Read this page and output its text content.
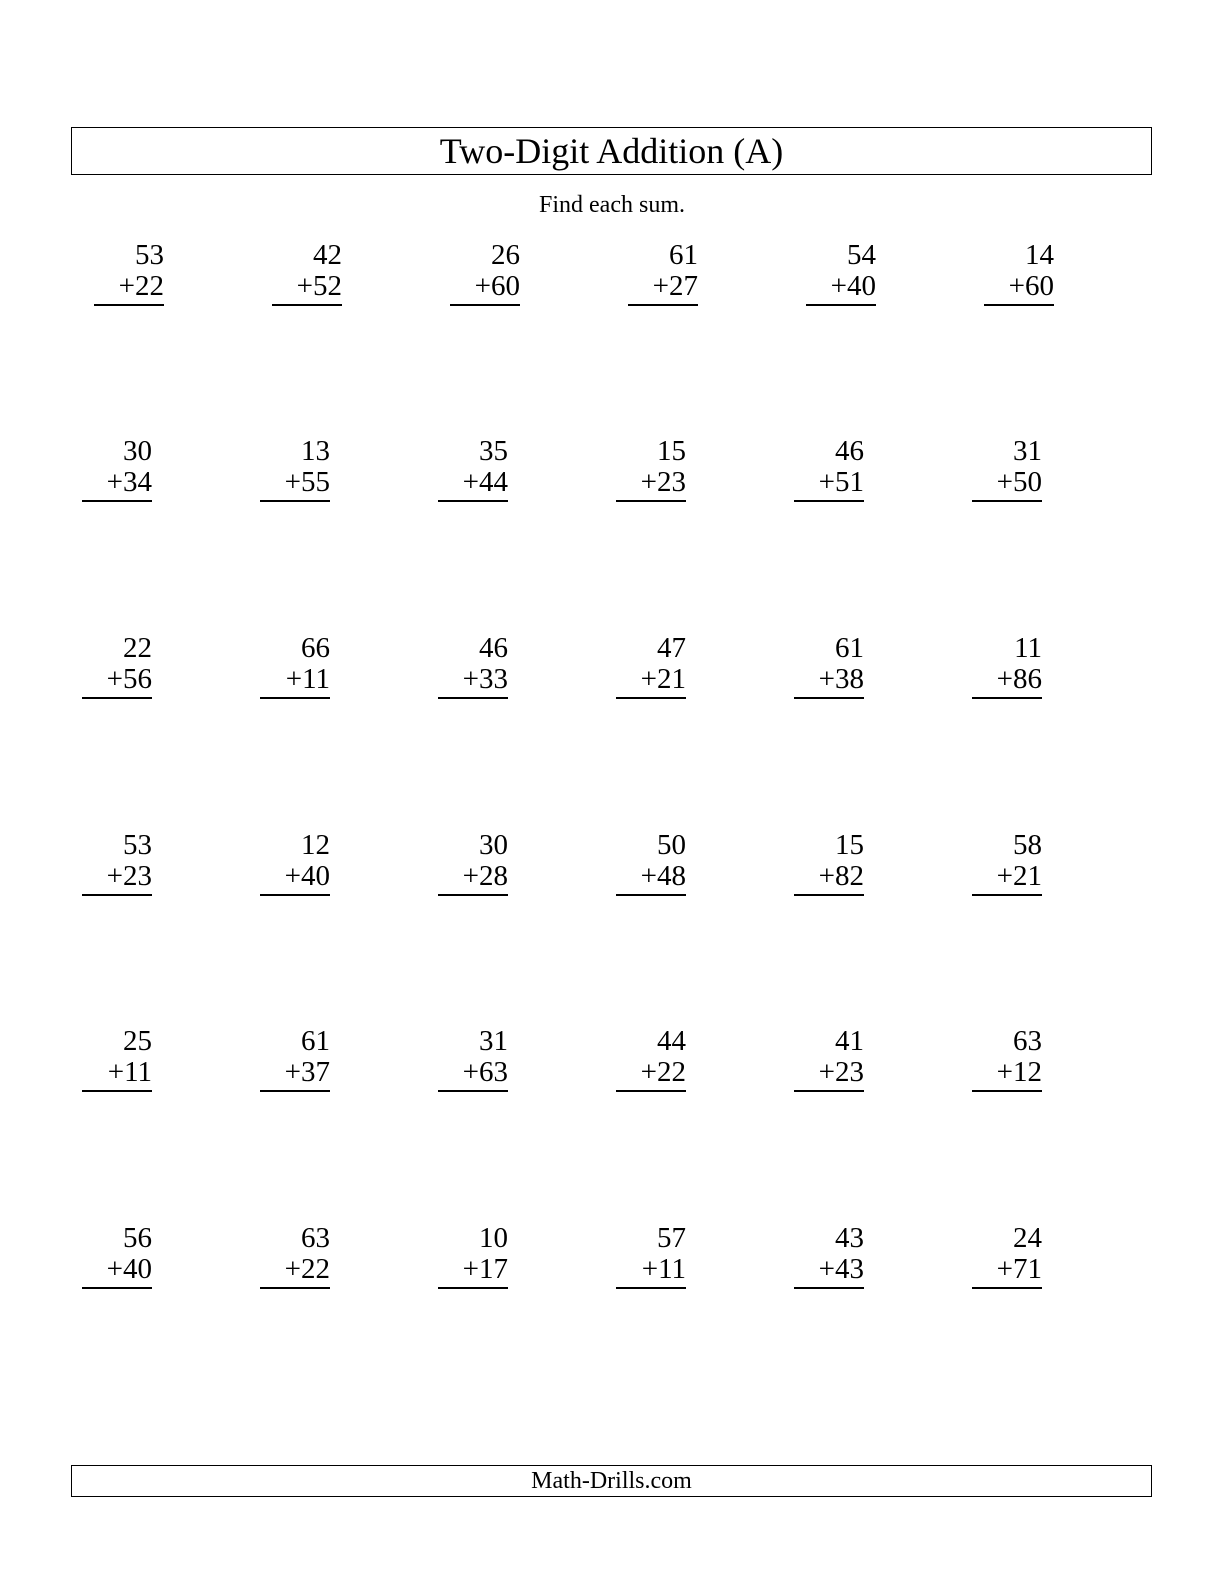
Two-Digit Addition (A)
Find each sum.
53
+22
42
+52
26
+60
61
+27
54
+40
14
+60
30
+34
13
+55
35
+44
15
+23
46
+51
31
+50
22
+56
66
+11
46
+33
47
+21
61
+38
11
+86
53
+23
12
+40
30
+28
50
+48
15
+82
58
+21
25
+11
61
+37
31
+63
44
+22
41
+23
63
+12
56
+40
63
+22
10
+17
57
+11
43
+43
24
+71
Math-Drills.com
